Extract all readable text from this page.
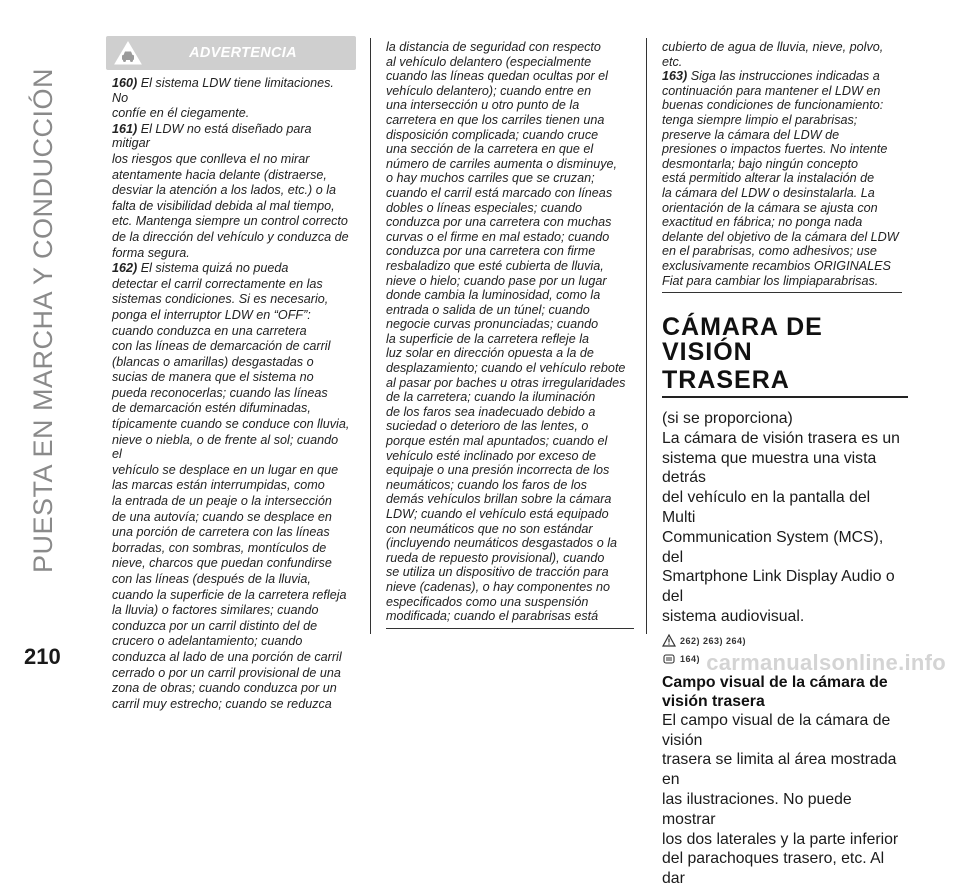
PUESTA EN MARCHA Y CONDUCCIÓN
ADVERTENCIA
160) El sistema LDW tiene limitaciones. No
confíe en él ciegamente.
161) El LDW no está diseñado para mitigar
los riesgos que conlleva el no mirar
atentamente hacia delante (distraerse,
desviar la atención a los lados, etc.) o la
falta de visibilidad debida al mal tiempo,
etc. Mantenga siempre un control correcto
de la dirección del vehículo y conduzca de
forma segura.
162) El sistema quizá no pueda
detectar el carril correctamente en las
sistemas condiciones. Si es necesario,
ponga el interruptor LDW en “OFF”:
cuando conduzca en una carretera
con las líneas de demarcación de carril
(blancas o amarillas) desgastadas o
sucias de manera que el sistema no
pueda reconocerlas; cuando las líneas
de demarcación estén difuminadas,
típicamente cuando se conduce con lluvia,
nieve o niebla, o de frente al sol; cuando el
vehículo se desplace en un lugar en que
las marcas están interrumpidas, como
la entrada de un peaje o la intersección
de una autovía; cuando se desplace en
una porción de carretera con las líneas
borradas, con sombras, montículos de
nieve, charcos que puedan confundirse
con las líneas (después de la lluvia,
cuando la superficie de la carretera refleja
la lluvia) o factores similares; cuando
conduzca por un carril distinto del de
crucero o adelantamiento; cuando
conduzca al lado de una porción de carril
cerrado o por un carril provisional de una
zona de obras; cuando conduzca por un
carril muy estrecho; cuando se reduzca
la distancia de seguridad con respecto
al vehículo delantero (especialmente
cuando las líneas quedan ocultas por el
vehículo delantero); cuando entre en
una intersección u otro punto de la
carretera en que los carriles tienen una
disposición complicada; cuando cruce
una sección de la carretera en que el
número de carriles aumenta o disminuye,
o hay muchos carriles que se cruzan;
cuando el carril está marcado con líneas
dobles o líneas especiales; cuando
conduzca por una carretera con muchas
curvas o el firme en mal estado; cuando
conduzca por una carretera con firme
resbaladizo que esté cubierta de lluvia,
nieve o hielo; cuando pase por un lugar
donde cambia la luminosidad, como la
entrada o salida de un túnel; cuando
negocie curvas pronunciadas; cuando
la superficie de la carretera refleje la
luz solar en dirección opuesta a la de
desplazamiento; cuando el vehículo rebote
al pasar por baches u otras irregularidades
de la carretera; cuando la iluminación
de los faros sea inadecuado debido a
suciedad o deterioro de las lentes, o
porque estén mal apuntados; cuando el
vehículo esté inclinado por exceso de
equipaje o una presión incorrecta de los
neumáticos; cuando los faros de los
demás vehículos brillan sobre la cámara
LDW; cuando el vehículo está equipado
con neumáticos que no son estándar
(incluyendo neumáticos desgastados o la
rueda de repuesto provisional), cuando
se utiliza un dispositivo de tracción para
nieve (cadenas), o hay componentes no
especificados como una suspensión
modificada; cuando el parabrisas está
cubierto de agua de lluvia, nieve, polvo,
etc.
163) Siga las instrucciones indicadas a
continuación para mantener el LDW en
buenas condiciones de funcionamiento:
tenga siempre limpio el parabrisas;
preserve la cámara del LDW de
presiones o impactos fuertes. No intente
desmontarla; bajo ningún concepto
está permitido alterar la instalación de
la cámara del LDW o desinstalarla. La
orientación de la cámara se ajusta con
exactitud en fábrica; no ponga nada
delante del objetivo de la cámara del LDW
en el parabrisas, como adhesivos; use
exclusivamente recambios ORIGINALES
Fiat para cambiar los limpiaparabrisas.
CÁMARA DE VISIÓN
TRASERA
(si se proporciona)
La cámara de visión trasera es un
sistema que muestra una vista detrás
del vehículo en la pantalla del Multi
Communication System (MCS), del
Smartphone Link Display Audio o del
sistema audiovisual.
262) 263) 264)
164)
Campo visual de la cámara de
visión trasera
El campo visual de la cámara de visión
trasera se limita al área mostrada en
las ilustraciones. No puede mostrar
los dos laterales y la parte inferior
del parachoques trasero, etc. Al dar
210	carmanualsonline.info
